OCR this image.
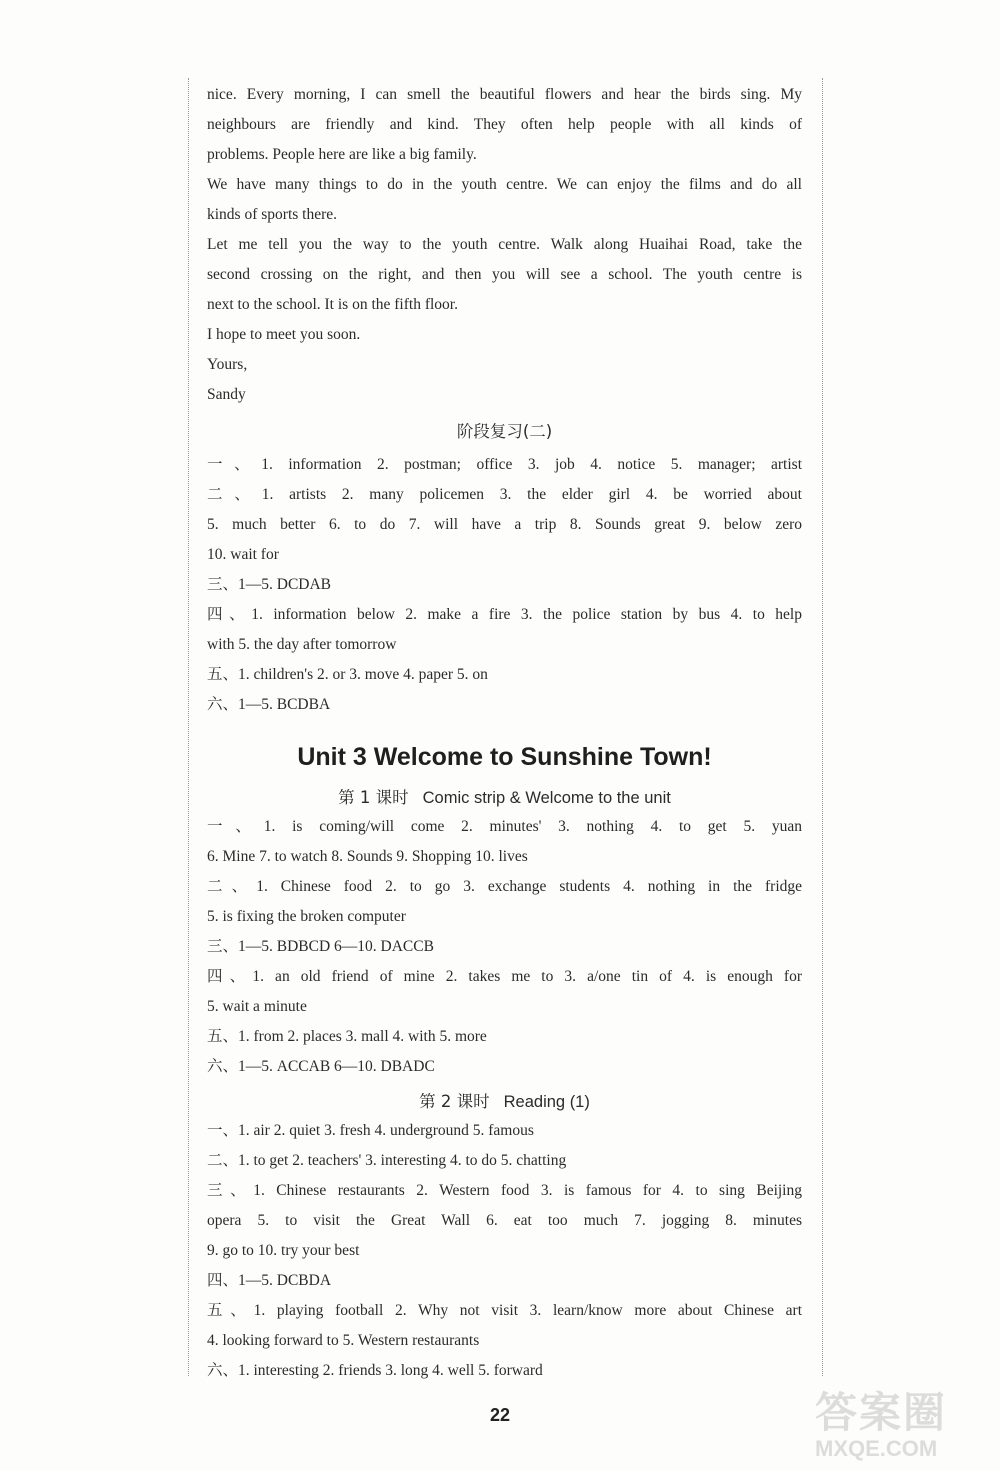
nice. Every morning, I can smell the beautiful flowers and hear the birds sing. My
neighbours are friendly and kind. They often help people with all kinds of
problems. People here are like a big family.
We have many things to do in the youth centre. We can enjoy the films and do all
kinds of sports there.
Let me tell you the way to the youth centre. Walk along Huaihai Road, take the
second crossing on the right, and then you will see a school. The youth centre is
next to the school. It is on the fifth floor.
I hope to meet you soon.
Yours,
Sandy
阶段复习(二)
一、1. information 2. postman; office 3. job 4. notice 5. manager; artist
二、1. artists 2. many policemen 3. the elder girl 4. be worried about
5. much better 6. to do 7. will have a trip 8. Sounds great 9. below zero
10. wait for
三、1—5. DCDAB
四、1. information below 2. make a fire 3. the police station by bus 4. to help
with 5. the day after tomorrow
五、1. children's 2. or 3. move 4. paper 5. on
六、1—5. BCDBA
Unit 3 Welcome to Sunshine Town!
第 1 课时 Comic strip & Welcome to the unit
一、1. is coming/will come 2. minutes' 3. nothing 4. to get 5. yuan
6. Mine 7. to watch 8. Sounds 9. Shopping 10. lives
二、1. Chinese food 2. to go 3. exchange students 4. nothing in the fridge
5. is fixing the broken computer
三、1—5. BDBCD 6—10. DACCB
四、1. an old friend of mine 2. takes me to 3. a/one tin of 4. is enough for
5. wait a minute
五、1. from 2. places 3. mall 4. with 5. more
六、1—5. ACCAB 6—10. DBADC
第 2 课时 Reading (1)
一、1. air 2. quiet 3. fresh 4. underground 5. famous
二、1. to get 2. teachers' 3. interesting 4. to do 5. chatting
三、1. Chinese restaurants 2. Western food 3. is famous for 4. to sing Beijing
opera 5. to visit the Great Wall 6. eat too much 7. jogging 8. minutes
9. go to 10. try your best
四、1—5. DCBDA
五、1. playing football 2. Why not visit 3. learn/know more about Chinese art
4. looking forward to 5. Western restaurants
六、1. interesting 2. friends 3. long 4. well 5. forward
22	答案圈
MXQE.COM
